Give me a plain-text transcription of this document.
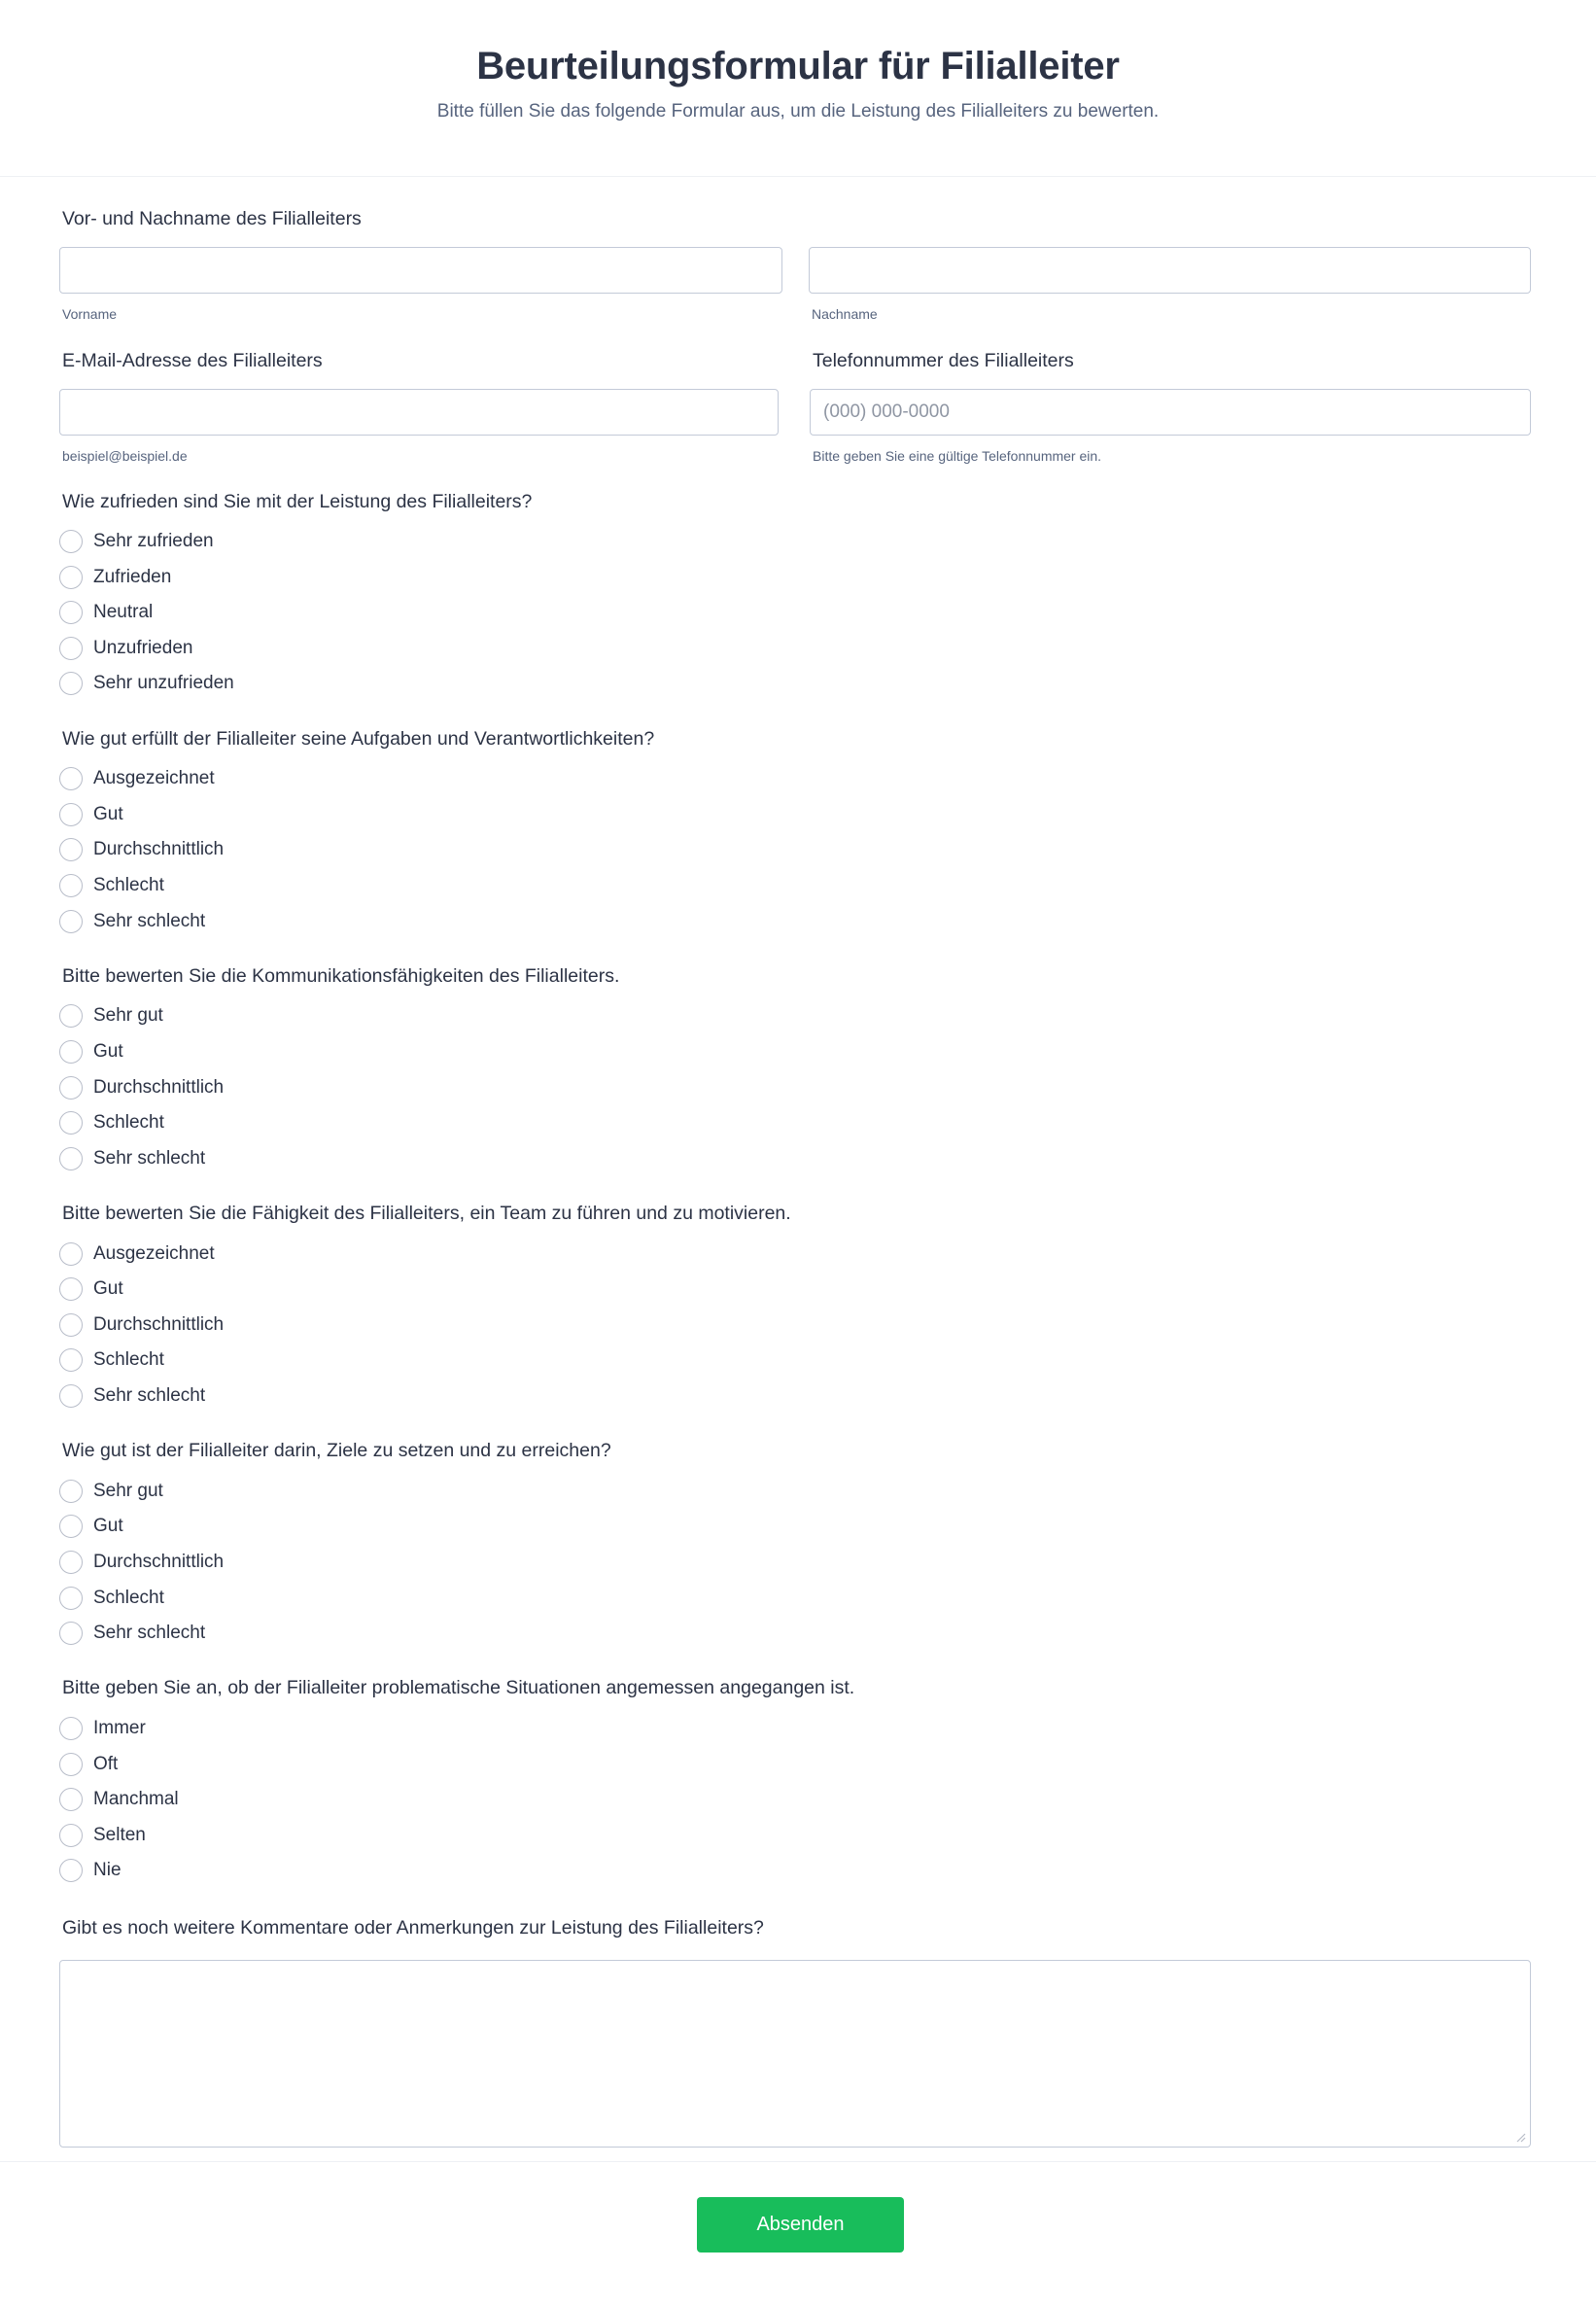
Beurteilungsformular für Filialleiter
Bitte füllen Sie das folgende Formular aus, um die Leistung des Filialleiters zu bewerten.
Vor- und Nachname des Filialleiters
Vorname	Nachname
E-Mail-Adresse des Filialleiters
beispiel@beispiel.de
Telefonnummer des Filialleiters
(000) 000-0000
Bitte geben Sie eine gültige Telefonnummer ein.
Wie zufrieden sind Sie mit der Leistung des Filialleiters?
Sehr zufrieden
Zufrieden
Neutral
Unzufrieden
Sehr unzufrieden
Wie gut erfüllt der Filialleiter seine Aufgaben und Verantwortlichkeiten?
Ausgezeichnet
Gut
Durchschnittlich
Schlecht
Sehr schlecht
Bitte bewerten Sie die Kommunikationsfähigkeiten des Filialleiters.
Sehr gut
Gut
Durchschnittlich
Schlecht
Sehr schlecht
Bitte bewerten Sie die Fähigkeit des Filialleiters, ein Team zu führen und zu motivieren.
Ausgezeichnet
Gut
Durchschnittlich
Schlecht
Sehr schlecht
Wie gut ist der Filialleiter darin, Ziele zu setzen und zu erreichen?
Sehr gut
Gut
Durchschnittlich
Schlecht
Sehr schlecht
Bitte geben Sie an, ob der Filialleiter problematische Situationen angemessen angegangen ist.
Immer
Oft
Manchmal
Selten
Nie
Gibt es noch weitere Kommentare oder Anmerkungen zur Leistung des Filialleiters?
Absenden
